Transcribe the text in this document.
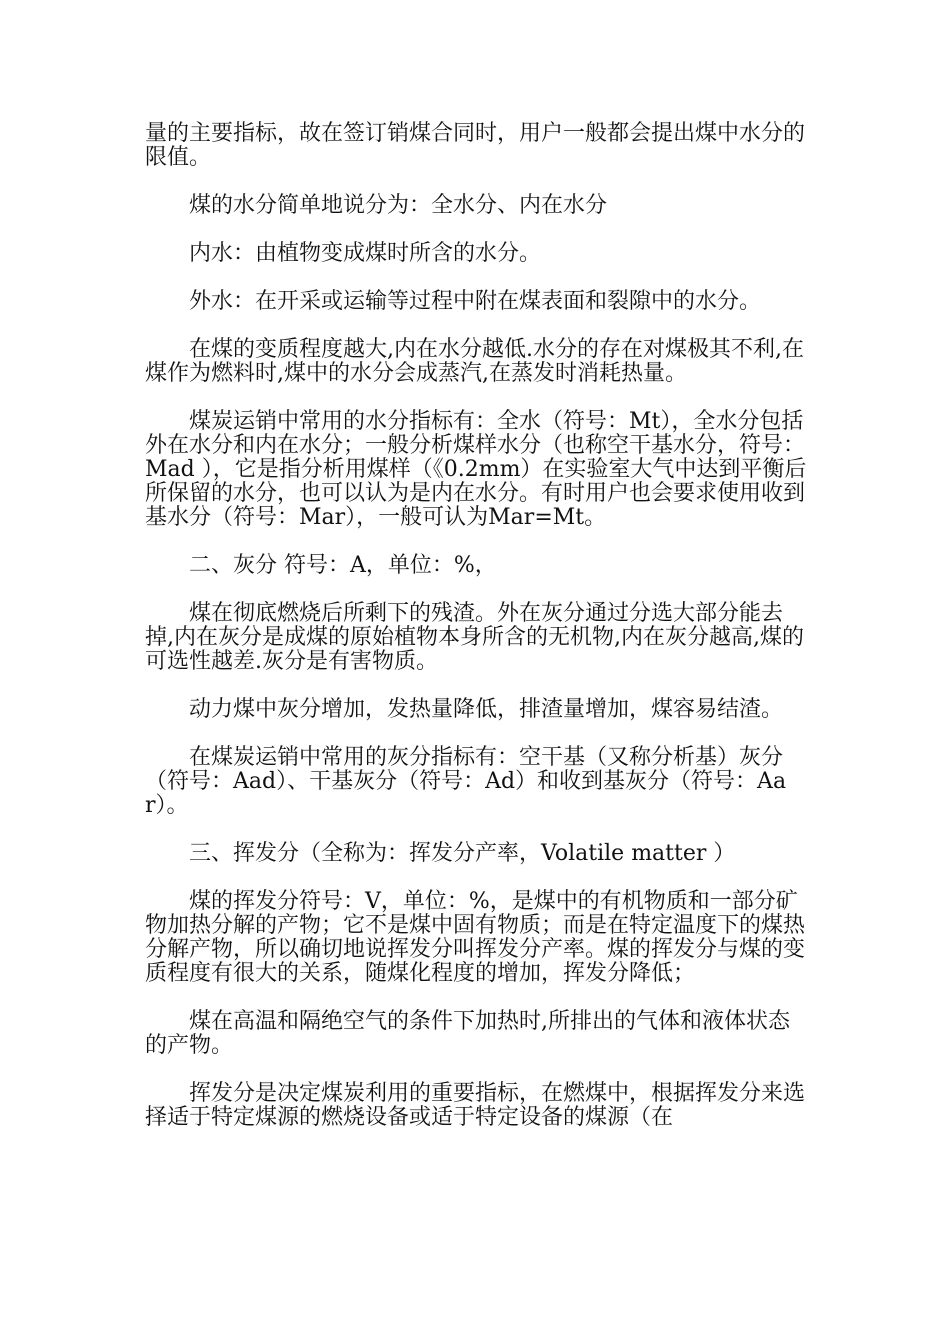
量的主要指标，故在签订销煤合同时，用户一般都会提出煤中水分的限值。

煤的水分简单地说分为：全水分、内在水分

内水：由植物变成煤时所含的水分。

外水：在开采或运输等过程中附在煤表面和裂隙中的水分。

在煤的变质程度越大,内在水分越低.水分的存在对煤极其不利,在煤作为燃料时,煤中的水分会成蒸汽,在蒸发时消耗热量。

煤炭运销中常用的水分指标有：全水（符号：Mt），全水分包括外在水分和内在水分；一般分析煤样水分（也称空干基水分，符号：Mad ），它是指分析用煤样（《0.2mm）在实验室大气中达到平衡后所保留的水分，也可以认为是内在水分。有时用户也会要求使用收到基水分（符号：Mar），一般可认为Mar=Mt。

二、灰分 符号：A，单位：%，

煤在彻底燃烧后所剩下的残渣。外在灰分通过分选大部分能去掉,内在灰分是成煤的原始植物本身所含的无机物,内在灰分越高,煤的可选性越差.灰分是有害物质。

动力煤中灰分增加，发热量降低，排渣量增加，煤容易结渣。

在煤炭运销中常用的灰分指标有：空干基（又称分析基）灰分（符号：Aad）、干基灰分（符号：Ad）和收到基灰分（符号：Aar）。

三、挥发分（全称为：挥发分产率，Volatile matter ）

煤的挥发分符号：V，单位：%，是煤中的有机物质和一部分矿物加热分解的产物；它不是煤中固有物质；而是在特定温度下的煤热分解产物，所以确切地说挥发分叫挥发分产率。煤的挥发分与煤的变质程度有很大的关系，随煤化程度的增加，挥发分降低；

煤在高温和隔绝空气的条件下加热时,所排出的气体和液体状态的产物。

挥发分是决定煤炭利用的重要指标，在燃煤中，根据挥发分来选择适于特定煤源的燃烧设备或适于特定设备的煤源（在
